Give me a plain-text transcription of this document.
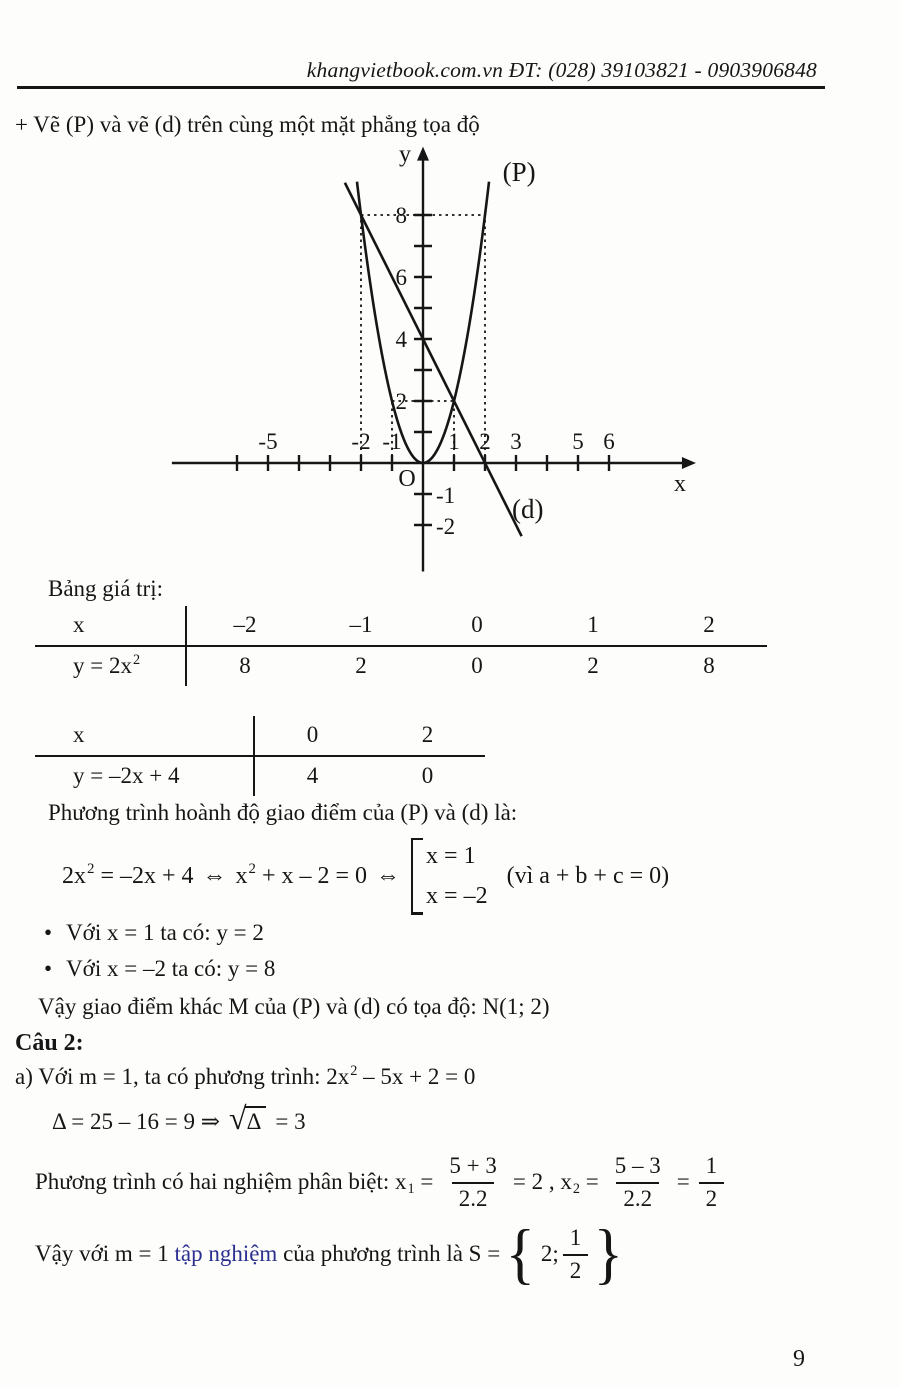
khangvietbook.com.vn ĐT: (028) 39103821 - 0903906848
+ Vẽ (P) và vẽ (d) trên cùng một mặt phẳng tọa độ
-5	-2 -1 1 2 3 5 6
2
4
6
8
-1
-2
y
x
O
(P)
(d)
Bảng giá trị:
x	–2	–1	0	1	2
$y = 2x^2$	8	2	0	2	8
x	0	2
y = –2x + 4	4	0
Phương trình hoành độ giao điểm của (P) và (d) là:
$2x^2 = -2x + 4$ ⇔ $x^2 + x - 2 = 0$ ⇔
x = 1
x = –2
(vì a + b + c = 0)
• Với x = 1 ta có: y = 2
• Với x = –2 ta có: y = 8
Vậy giao điểm khác M của (P) và (d) có tọa độ: N(1; 2)
Câu 2:
a) Với m = 1, ta có phương trình: $2x^2 - 5x + 2 = 0$
Δ = 25 – 16 = 9 ⇒ √ Δ = 3
Phương trình có hai nghiệm phân biệt: $x1 = \frac{5 + 3}{2.2} = 2$ , $x2 = \frac{5 - 3}{2.2} = \frac{1}{2}$
Vậy với m = 1 tập nghiệm của phương trình là S = { 2; $\frac{1}{2}$ }
9
